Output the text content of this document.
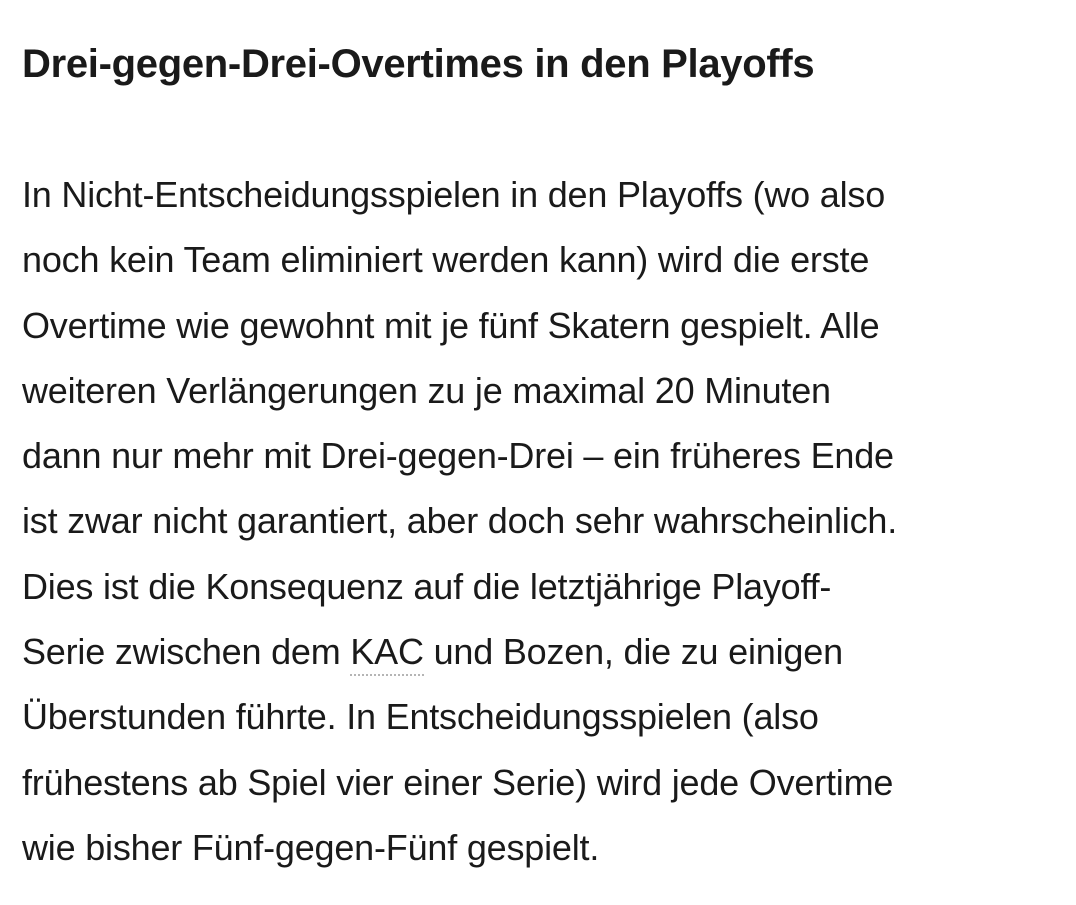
Drei-gegen-Drei-Overtimes in den Playoffs

In Nicht-Entscheidungsspielen in den Playoffs (wo also
noch kein Team eliminiert werden kann) wird die erste
Overtime wie gewohnt mit je fünf Skatern gespielt. Alle
weiteren Verlängerungen zu je maximal 20 Minuten
dann nur mehr mit Drei-gegen-Drei – ein früheres Ende
ist zwar nicht garantiert, aber doch sehr wahrscheinlich.
Dies ist die Konsequenz auf die letztjährige Playoff-
Serie zwischen dem KAC und Bozen, die zu einigen
Überstunden führte. In Entscheidungsspielen (also
frühestens ab Spiel vier einer Serie) wird jede Overtime
wie bisher Fünf-gegen-Fünf gespielt.
